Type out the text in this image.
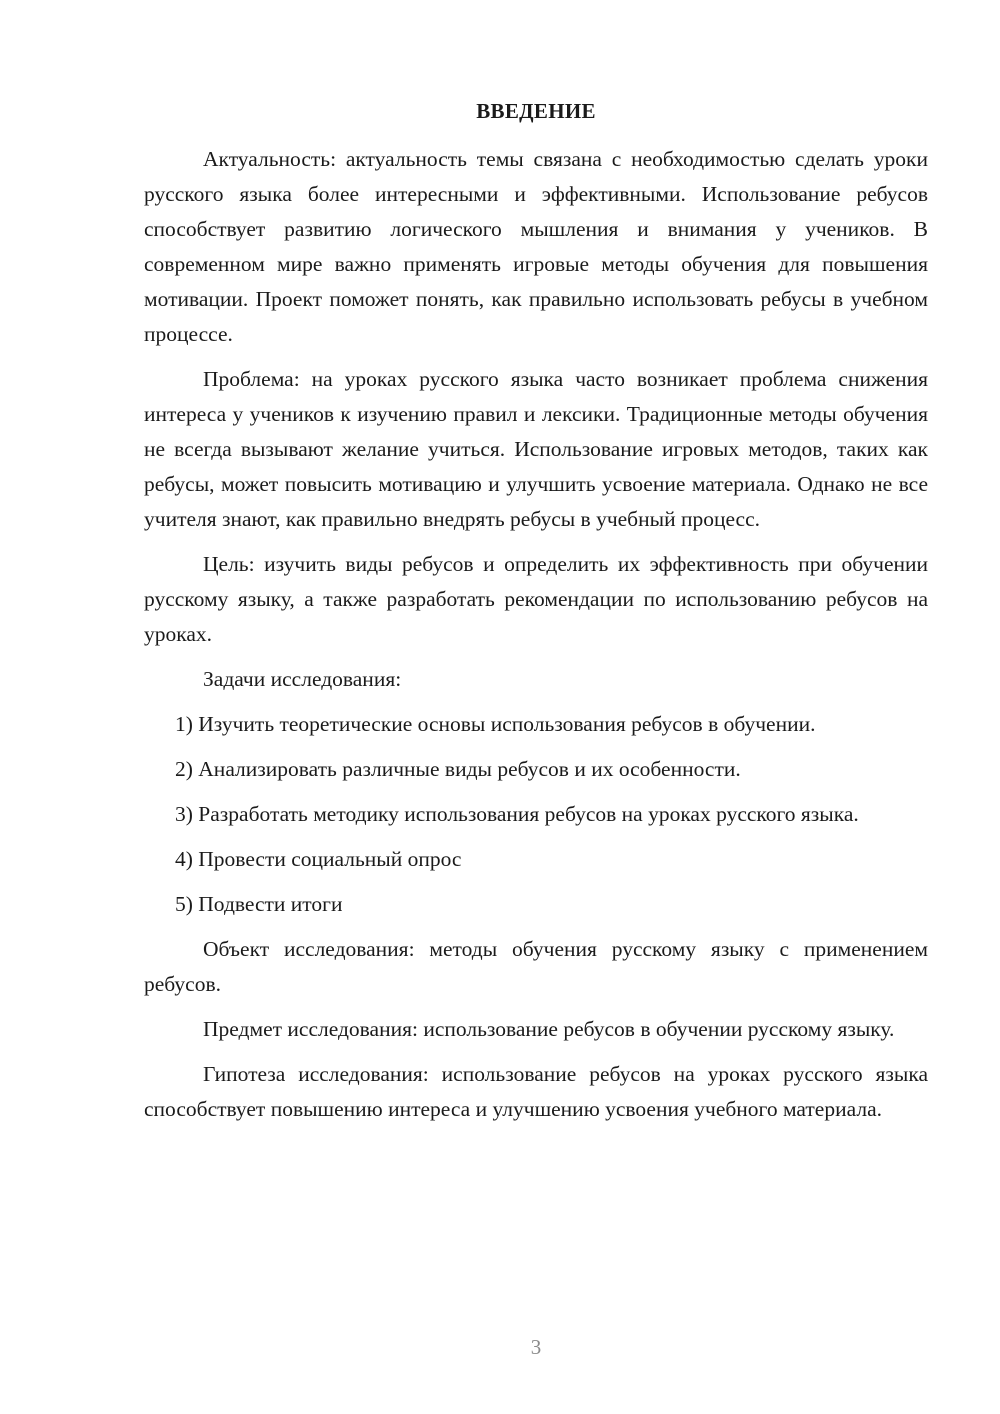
ВВЕДЕНИЕ

Актуальность: актуальность темы связана с необходимостью сделать уроки русского языка более интересными и эффективными. Использование ребусов способствует развитию логического мышления и внимания у учеников. В современном мире важно применять игровые методы обучения для повышения мотивации. Проект поможет понять, как правильно использовать ребусы в учебном процессе.

Проблема: на уроках русского языка часто возникает проблема снижения интереса у учеников к изучению правил и лексики. Традиционные методы обучения не всегда вызывают желание учиться. Использование игровых методов, таких как ребусы, может повысить мотивацию и улучшить усвоение материала. Однако не все учителя знают, как правильно внедрять ребусы в учебный процесс.

Цель: изучить виды ребусов и определить их эффективность при обучении русскому языку, а также разработать рекомендации по использованию ребусов на уроках.

Задачи исследования:

1) Изучить теоретические основы использования ребусов в обучении.

2) Анализировать различные виды ребусов и их особенности.

3) Разработать методику использования ребусов на уроках русского языка.

4) Провести социальный опрос

5) Подвести итоги

Объект исследования: методы обучения русскому языку с применением ребусов.

Предмет исследования: использование ребусов в обучении русскому языку.

Гипотеза исследования: использование ребусов на уроках русского языка способствует повышению интереса и улучшению усвоения учебного материала.

3
